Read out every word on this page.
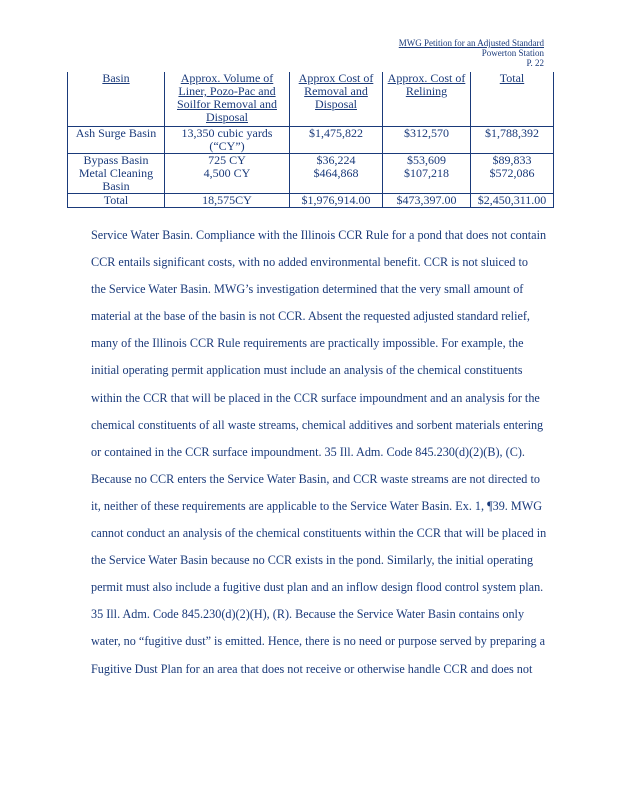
MWG Petition for an Adjusted Standard
Powerton Station
P. 22
Basin	Approx. Volume of Liner, Pozo-Pac and Soilfor Removal and Disposal	Approx Cost of Removal and Disposal	Approx. Cost of Relining	Total
Ash Surge Basin	13,350 cubic yards (“CY”)	$1,475,822	$312,570	$1,788,392
Bypass Basin	725 CY	$36,224	$53,609	$89,833
Metal Cleaning Basin	4,500 CY	$464,868	$107,218	$572,086
Total	18,575CY	$1,976,914.00	$473,397.00	$2,450,311.00

Service Water Basin. Compliance with the Illinois CCR Rule for a pond that does not contain

CCR entails significant costs, with no added environmental benefit. CCR is not sluiced to

the Service Water Basin. MWG’s investigation determined that the very small amount of

material at the base of the basin is not CCR. Absent the requested adjusted standard relief,

many of the Illinois CCR Rule requirements are practically impossible. For example, the

initial operating permit application must include an analysis of the chemical constituents

within the CCR that will be placed in the CCR surface impoundment and an analysis for the

chemical constituents of all waste streams, chemical additives and sorbent materials entering

or contained in the CCR surface impoundment. 35 Ill. Adm. Code 845.230(d)(2)(B), (C).

Because no CCR enters the Service Water Basin, and CCR waste streams are not directed to

it, neither of these requirements are applicable to the Service Water Basin. Ex. 1, ¶39. MWG

cannot conduct an analysis of the chemical constituents within the CCR that will be placed in

the Service Water Basin because no CCR exists in the pond. Similarly, the initial operating

permit must also include a fugitive dust plan and an inflow design flood control system plan.

35 Ill. Adm. Code 845.230(d)(2)(H), (R). Because the Service Water Basin contains only

water, no “fugitive dust” is emitted. Hence, there is no need or purpose served by preparing a

Fugitive Dust Plan for an area that does not receive or otherwise handle CCR and does not
